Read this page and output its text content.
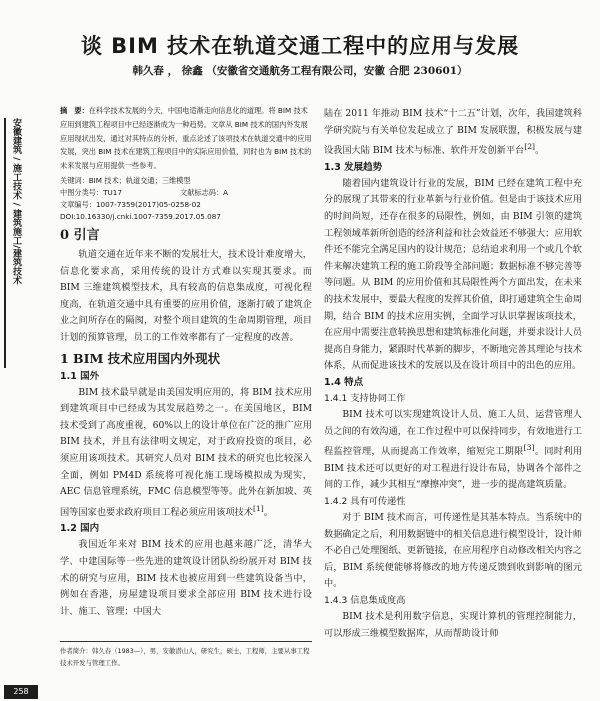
安徽建筑 / 施工技术 / 建筑施工/建筑技术
谈 BIM 技术在轨道交通工程中的应用与发展
韩久春 ， 徐鑫 （安徽省交通航务工程有限公司，安徽 合肥 230601）
摘　要：在科学技术发展的今天，中国电适渐走向信息化的道理。将 BIM 技术应用到建筑工程项目中已经逐渐成为一种趋势。文章从 BIM 技术的国内外发展应用现状出发，通过对其特点的分析，重点论述了该项技术在轨道交通中的应用发展，突出 BIM 技术在建筑工程项目中的实际应用价值，同时也为 BIM 技术的未来发展与应用提供一些参考。
关键词：BIM 技术；轨道交通；三维模型
中图分类号：TU17	文献标志码：A
文章编号：1007-7359(2017)05-0258-02
DOI:10.16330/j.cnki.1007-7359.2017.05.087
0 引言

轨道交通在近年来不断的发展壮大，技术设计难度增大，信息化要求高，采用传统的设计方式难以实现其要求。而 BIM 三维建筑模型技术，具有较高的信息集成度，可视化程度高，在轨道交通中具有重要的应用价值，逐渐打破了建筑企业之间所存在的隔阂，对整个项目建筑的生命周期管理，项目计划的预算管理，员工的工作效率都有了一定程度的改善。

1 BIM 技术应用国内外现状
1.1 国外

BIM 技术最早就是由美国发明应用的，将 BIM 技术应用到建筑项目中已经成为其发展趋势之一。在美国地区，BIM 技术受到了高度重视，60%以上的设计单位在广泛的推广应用 BIM 技术，并且有法律明文规定，对于政府投资的项目，必须应用该项技术。其研究人员对 BIM 技术的研究也比较深入全面，例如 PM4D 系统将可视化施工现场模拟成为现实，AEC 信息管理系统，FMC 信息模型等等。此外在新加坡、英国等国家也要求政府项目工程必须应用该项技术[1]。

1.2 国内

我国近年来对 BIM 技术的应用也越来越广泛，清华大学、中建国际等一些先进的建筑设计团队纷纷展开对 BIM 技术的研究与应用，BIM 技术也被应用到一些建筑设备当中，例如在香港，房屋建设项目要求全部应用 BIM 技术进行设计、施工、管理；中国大

陆在 2011 年推动 BIM 技术“十二五”计划，次年，我国建筑科学研究院与有关单位发起成立了 BIM 发展联盟，积极发展与建设我国大陆 BIM 技术与标准、软件开发创新平台[2]。

1.3 发展趋势

随着国内建筑设计行业的发展，BIM 已经在建筑工程中充分的展现了其带来的行业革新与行业价值。但是由于该技术应用的时间尚短，还存在很多的局限性，例如，由 BIM 引领的建筑工程领域革新所创造的经济利益和社会效益还不够强大；应用软件还不能完全满足国内的设计规范；总结追求利用一个或几个软件来解决建筑工程的施工阶段等全部问题；数据标准不够完善等等问题。从 BIM 的应用价值和其局限性两个方面出发，在未来的技术发展中，要最大程度的发挥其价值，即打通建筑全生命周期，结合 BIM 的技术应用实例，全面学习认识掌握该项技术，在应用中需要注意转换思想和建筑标准化问题，并要求设计人员提高自身能力，紧跟时代革新的脚步，不断地完善其理论与技术体系，从而促进该技术的发展以及在设计项目中的出色的应用。

1.4 特点
1.4.1 支持协同工作

BIM 技术可以实现建筑设计人员、施工人员、运营管理人员之间的有效沟通，在工作过程中可以保持同步，有效地进行工程监控管理，从而提高工作效率，缩短完工期限[3]。同时利用 BIM 技术还可以更好的对工程进行设计布局，协调各个部件之间的工作，减少其相互“摩擦冲突”，进一步的提高建筑质量。

1.4.2 具有可传递性

对于 BIM 技术而言，可传递性是其基本特点。当系统中的数据确定之后，利用数据链中的相关信息进行模型设计，设计师不必自己处理图纸、更新链接，在应用程序自动修改相关内容之后，BIM 系统便能够将修改的地方传递反馈到收到影响的图元中。

1.4.3 信息集成度高

BIM 技术是利用数字信息，实现计算机的管理控制能力，可以形成三维模型数据库，从而帮助设计师

作者简介：韩久春（1983—），男，安徽潜山人，研究生，硕士，工程师，主要从事工程技术开发与管理工作。
258
